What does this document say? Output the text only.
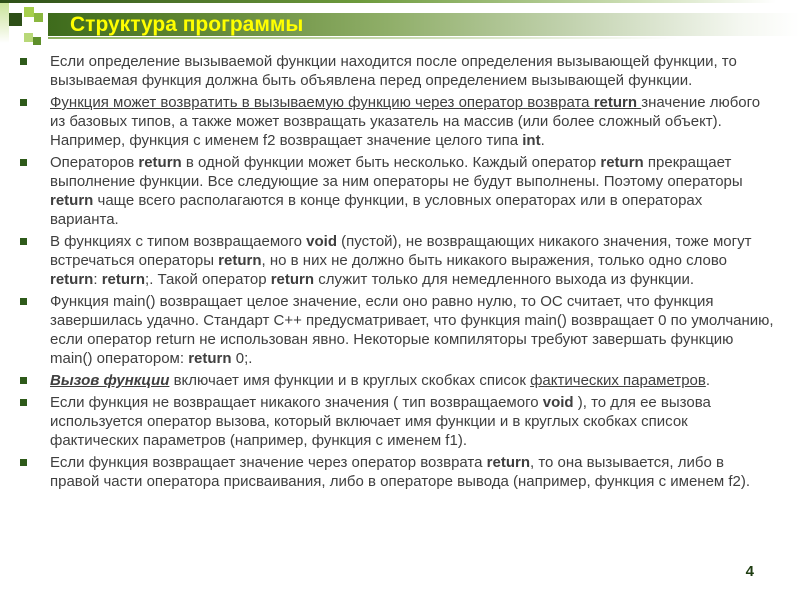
Структура программы
Если определение вызываемой функции находится после определения вызывающей функции, то вызываемая функция должна быть объявлена перед определением вызывающей функции.
Функция может возвратить в вызываемую функцию через оператор возврата return значение любого из базовых типов, а также может возвращать указатель на массив (или более сложный объект). Например, функция с именем f2 возвращает значение целого типа int.
Операторов return в одной функции может быть несколько. Каждый оператор return прекращает выполнение функции. Все следующие за ним операторы не будут выполнены. Поэтому операторы return чаще всего располагаются в конце функции, в условных операторах или в операторах варианта.
В функциях с типом возвращаемого void (пустой), не возвращающих никакого значения, тоже могут встречаться операторы return, но в них не должно быть никакого выражения, только одно слово return: return;. Такой оператор return служит только для немедленного выхода из функции.
Функция main() возвращает целое значение, если оно равно нулю, то ОС считает, что функция завершилась удачно. Стандарт С++ предусматривает, что функция main() возвращает 0 по умолчанию, если оператор return не использован явно. Некоторые компиляторы требуют завершать функцию main() оператором: return 0;.
Вызов функции включает имя функции и в круглых скобках список фактических параметров.
Если функция не возвращает никакого значения ( тип возвращаемого void ), то для ее вызова используется оператор вызова, который включает имя функции и в круглых скобках список фактических параметров (например, функция с именем f1).
Если функция возвращает значение через оператор возврата return, то она вызывается, либо в правой части оператора присваивания, либо в операторе вывода (например, функция с именем f2).
4
